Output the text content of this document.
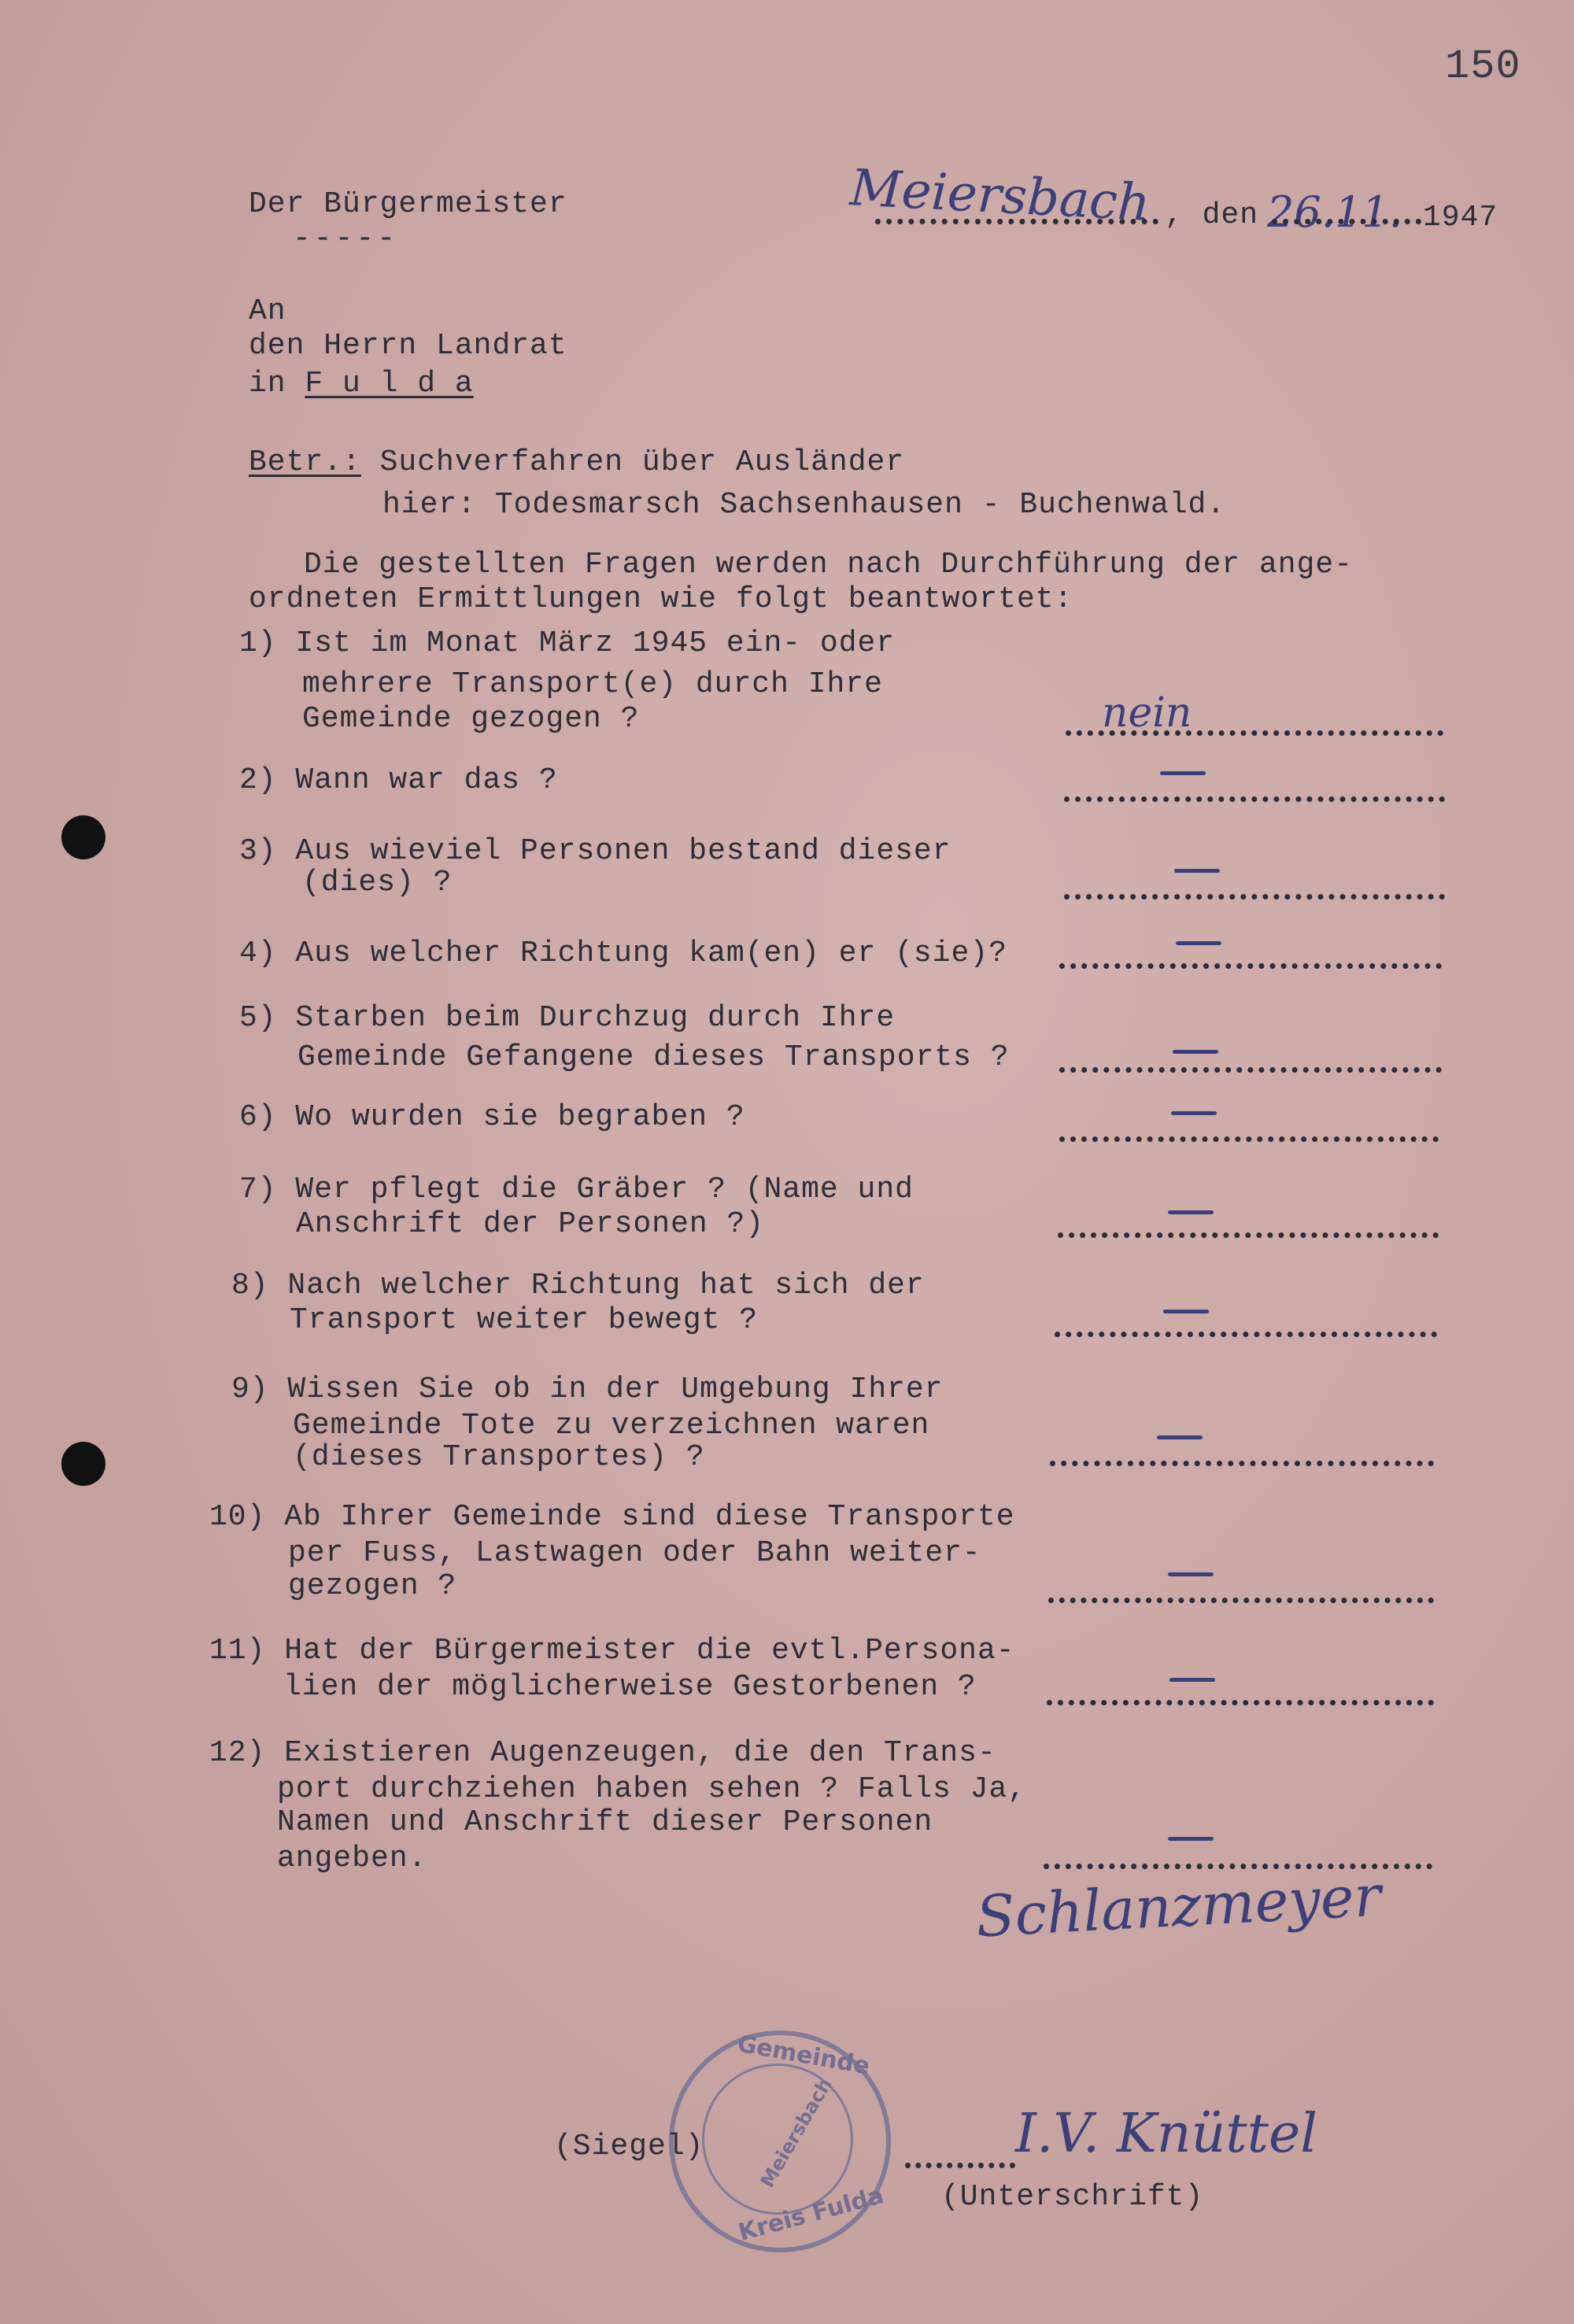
150
Der Bürgermeister
-----
Meiersbach , den 26.11. 1947
An
den Herrn Landrat
in F u l d a
Betr.: Suchverfahren über Ausländer
hier: Todesmarsch Sachsenhausen - Buchenwald.
Die gestellten Fragen werden nach Durchführung der ange-
ordneten Ermittlungen wie folgt beantwortet:
1) Ist im Monat März 1945 ein- oder
mehrere Transport(e) durch Ihre
Gemeinde gezogen ?	nein
2) Wann war das ?
3) Aus wieviel Personen bestand dieser
(dies) ?
4) Aus welcher Richtung kam(en) er (sie)?
5) Starben beim Durchzug durch Ihre
Gemeinde Gefangene dieses Transports ?
6) Wo wurden sie begraben ?
7) Wer pflegt die Gräber ? (Name und
Anschrift der Personen ?)
8) Nach welcher Richtung hat sich der
Transport weiter bewegt ?
9) Wissen Sie ob in der Umgebung Ihrer
Gemeinde Tote zu verzeichnen waren
(dieses Transportes) ?
10) Ab Ihrer Gemeinde sind diese Transporte
per Fuss, Lastwagen oder Bahn weiter-
gezogen ?
11) Hat der Bürgermeister die evtl.Persona-
lien der möglicherweise Gestorbenen ?
12) Existieren Augenzeugen, die den Trans-
port durchziehen haben sehen ? Falls Ja,
Namen und Anschrift dieser Personen
angeben.
Schlanzmeyer
Gemeinde
Meiersbach
Kreis Fulda
(Siegel)	I.V. Knüttel
(Unterschrift)
